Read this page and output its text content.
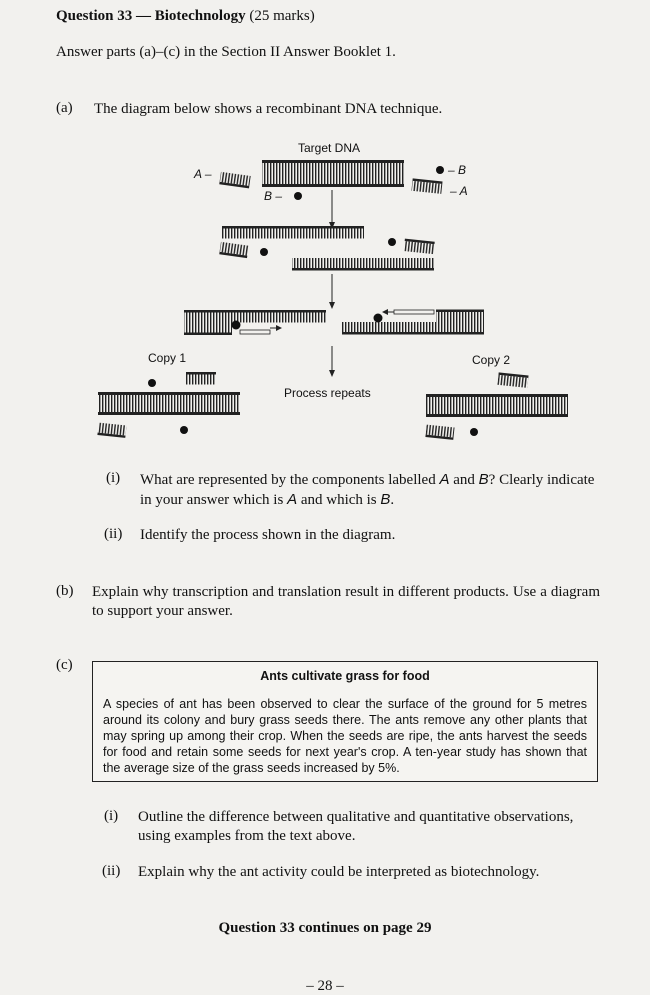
Question 33 — Biotechnology (25 marks)
Answer parts (a)–(c) in the Section II Answer Booklet 1.
(a) The diagram below shows a recombinant DNA technique.
Target DNA
A –
B –
– B
– A
Process repeats
Copy 1	Copy 2
(i) What are represented by the components labelled A and B? Clearly indicate in your answer which is A and which is B.
(ii) Identify the process shown in the diagram.
(b) Explain why transcription and translation result in different products. Use a diagram to support your answer.
(c)
Ants cultivate grass for food
A species of ant has been observed to clear the surface of the ground for 5 metres around its colony and bury grass seeds there. The ants remove any other plants that may spring up among their crop. When the seeds are ripe, the ants harvest the seeds for food and retain some seeds for next year's crop. A ten-year study has shown that the average size of the grass seeds increased by 5%.
(i) Outline the difference between qualitative and quantitative observations, using examples from the text above.
(ii) Explain why the ant activity could be interpreted as biotechnology.
Question 33 continues on page 29
– 28 –
